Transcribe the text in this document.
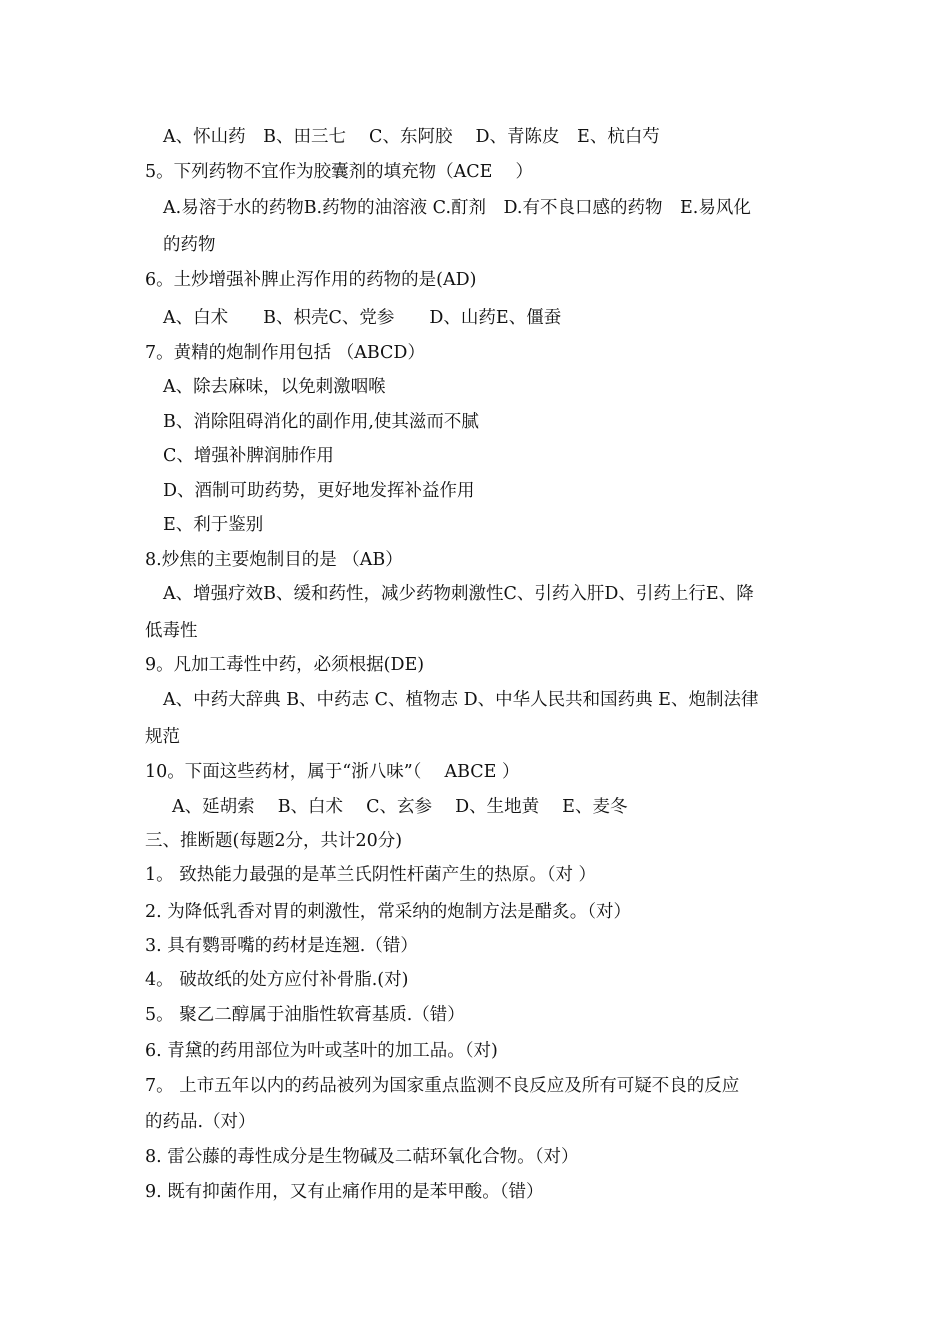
A、怀山药　B、田三七　 C、东阿胶　 D、青陈皮　E、杭白芍
5。下列药物不宜作为胶囊剂的填充物（ACE　 ）
A.易溶于水的药物B.药物的油溶液 C.酊剂　D.有不良口感的药物　E.易风化
的药物
6。土炒增强补脾止泻作用的药物的是(AD)
A、白术　　B、枳壳C、党参　　D、山药E、僵蚕
7。黄精的炮制作用包括 （ABCD）
A、除去麻味，以免刺激咽喉
B、消除阻碍消化的副作用,使其滋而不腻
C、增强补脾润肺作用
D、酒制可助药势，更好地发挥补益作用
E、利于鉴别
8.炒焦的主要炮制目的是 （AB）
A、增强疗效B、缓和药性，减少药物刺激性C、引药入肝D、引药上行E、降
低毒性
9。凡加工毒性中药，必须根据(DE)
A、中药大辞典 B、中药志 C、植物志 D、中华人民共和国药典 E、炮制法律
规范
10。下面这些药材，属于“浙八味”（　 ABCE ）
A、延胡索　 B、白术　 C、玄参　 D、生地黄　 E、麦冬
三、推断题(每题2分，共计20分)
1。 致热能力最强的是革兰氏阴性杆菌产生的热原。（对 ）
2. 为降低乳香对胃的刺激性，常采纳的炮制方法是醋炙。（对）
3. 具有鹦哥嘴的药材是连翘.（错）
4。 破故纸的处方应付补骨脂.(对)
5。 聚乙二醇属于油脂性软膏基质.（错）
6. 青黛的药用部位为叶或茎叶的加工品。（对)
7。 上市五年以内的药品被列为国家重点监测不良反应及所有可疑不良的反应
的药品.（对）
8. 雷公藤的毒性成分是生物碱及二萜环氧化合物。（对）
9. 既有抑菌作用，又有止痛作用的是苯甲酸。（错）
